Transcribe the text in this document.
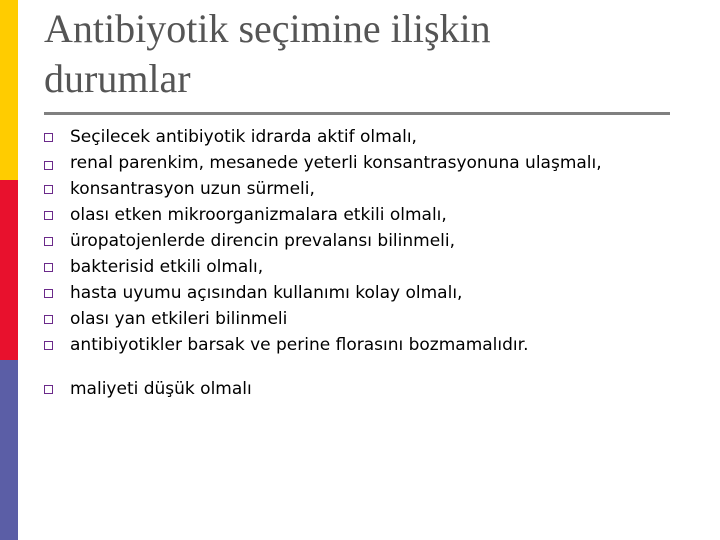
Antibiyotik seçimine ilişkin durumlar
Seçilecek antibiyotik idrarda aktif olmalı,
renal parenkim, mesanede yeterli konsantrasyonuna ulaşmalı,
konsantrasyon uzun sürmeli,
olası etken mikroorganizmalara etkili olmalı,
üropatojenlerde direncin prevalansı bilinmeli,
bakterisid etkili olmalı,
hasta uyumu açısından kullanımı kolay olmalı,
olası yan etkileri bilinmeli
antibiyotikler barsak ve perine florasını bozmamalıdır.
maliyeti düşük olmalı
